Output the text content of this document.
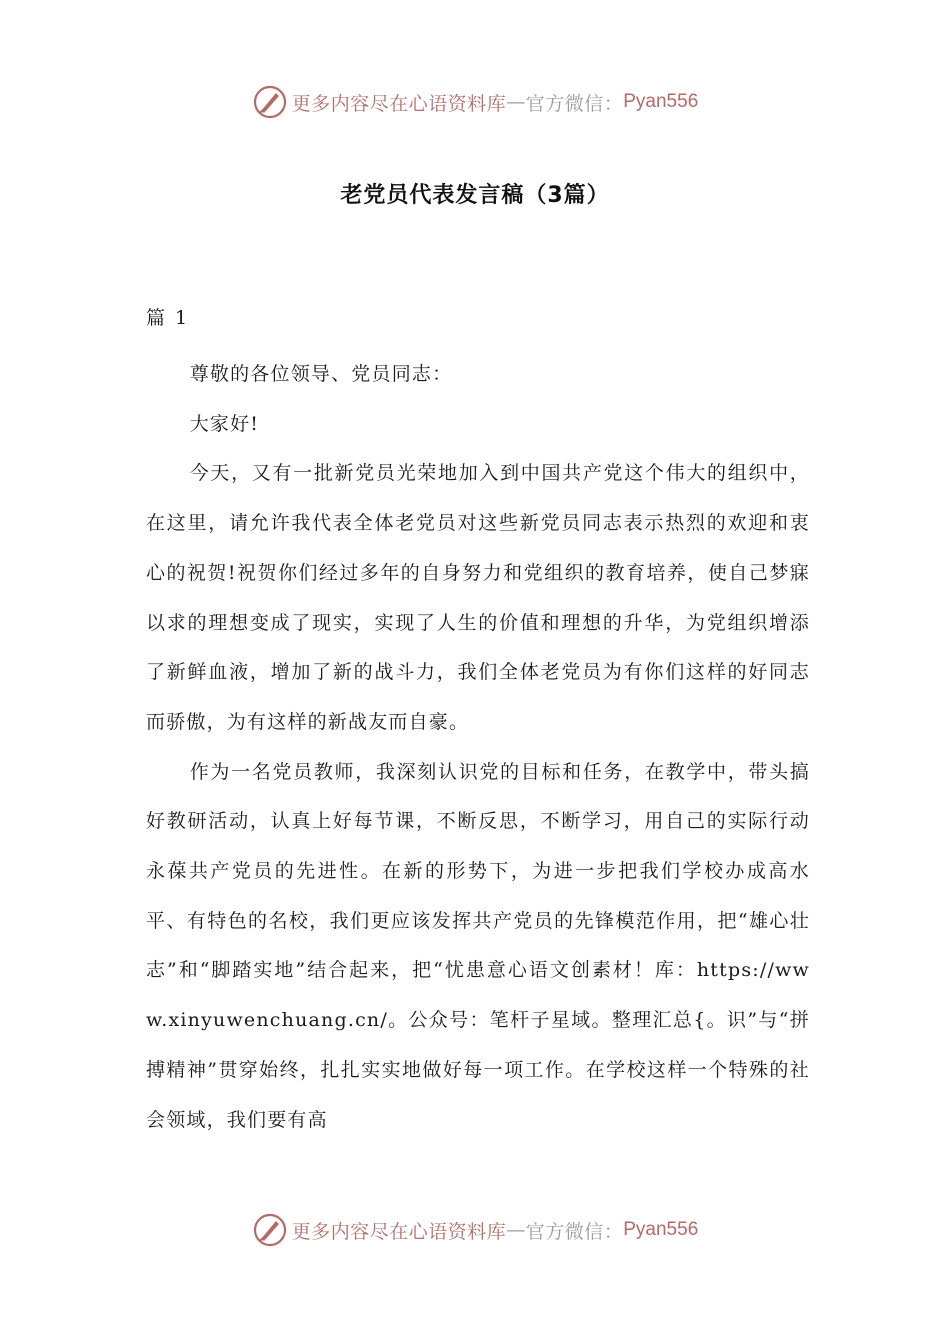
更多内容尽在心语资料库 — 官方微信： Pyan556
老党员代表发言稿（3篇）
篇 1

尊敬的各位领导、党员同志：

大家好!

今天，又有一批新党员光荣地加入到中国共产党这个伟大的组织中，在这里，请允许我代表全体老党员对这些新党员同志表示热烈的欢迎和衷心的祝贺!祝贺你们经过多年的自身努力和党组织的教育培养，使自己梦寐以求的理想变成了现实，实现了人生的价值和理想的升华，为党组织增添了新鲜血液，增加了新的战斗力，我们全体老党员为有你们这样的好同志而骄傲，为有这样的新战友而自豪。

作为一名党员教师，我深刻认识党的目标和任务，在教学中，带头搞好教研活动，认真上好每节课，不断反思，不断学习，用自己的实际行动永葆共产党员的先进性。在新的形势下，为进一步把我们学校办成高水平、有特色的名校，我们更应该发挥共产党员的先锋模范作用，把“雄心壮志”和“脚踏实地”结合起来，把“忧患意心语文创素材！库：https://www.xinyuwenchuang.cn/。公众号：笔杆子星域。整理汇总{。识”与“拼搏精神”贯穿始终，扎扎实实地做好每一项工作。在学校这样一个特殊的社会领域，我们要有高

更多内容尽在心语资料库 — 官方微信： Pyan556
